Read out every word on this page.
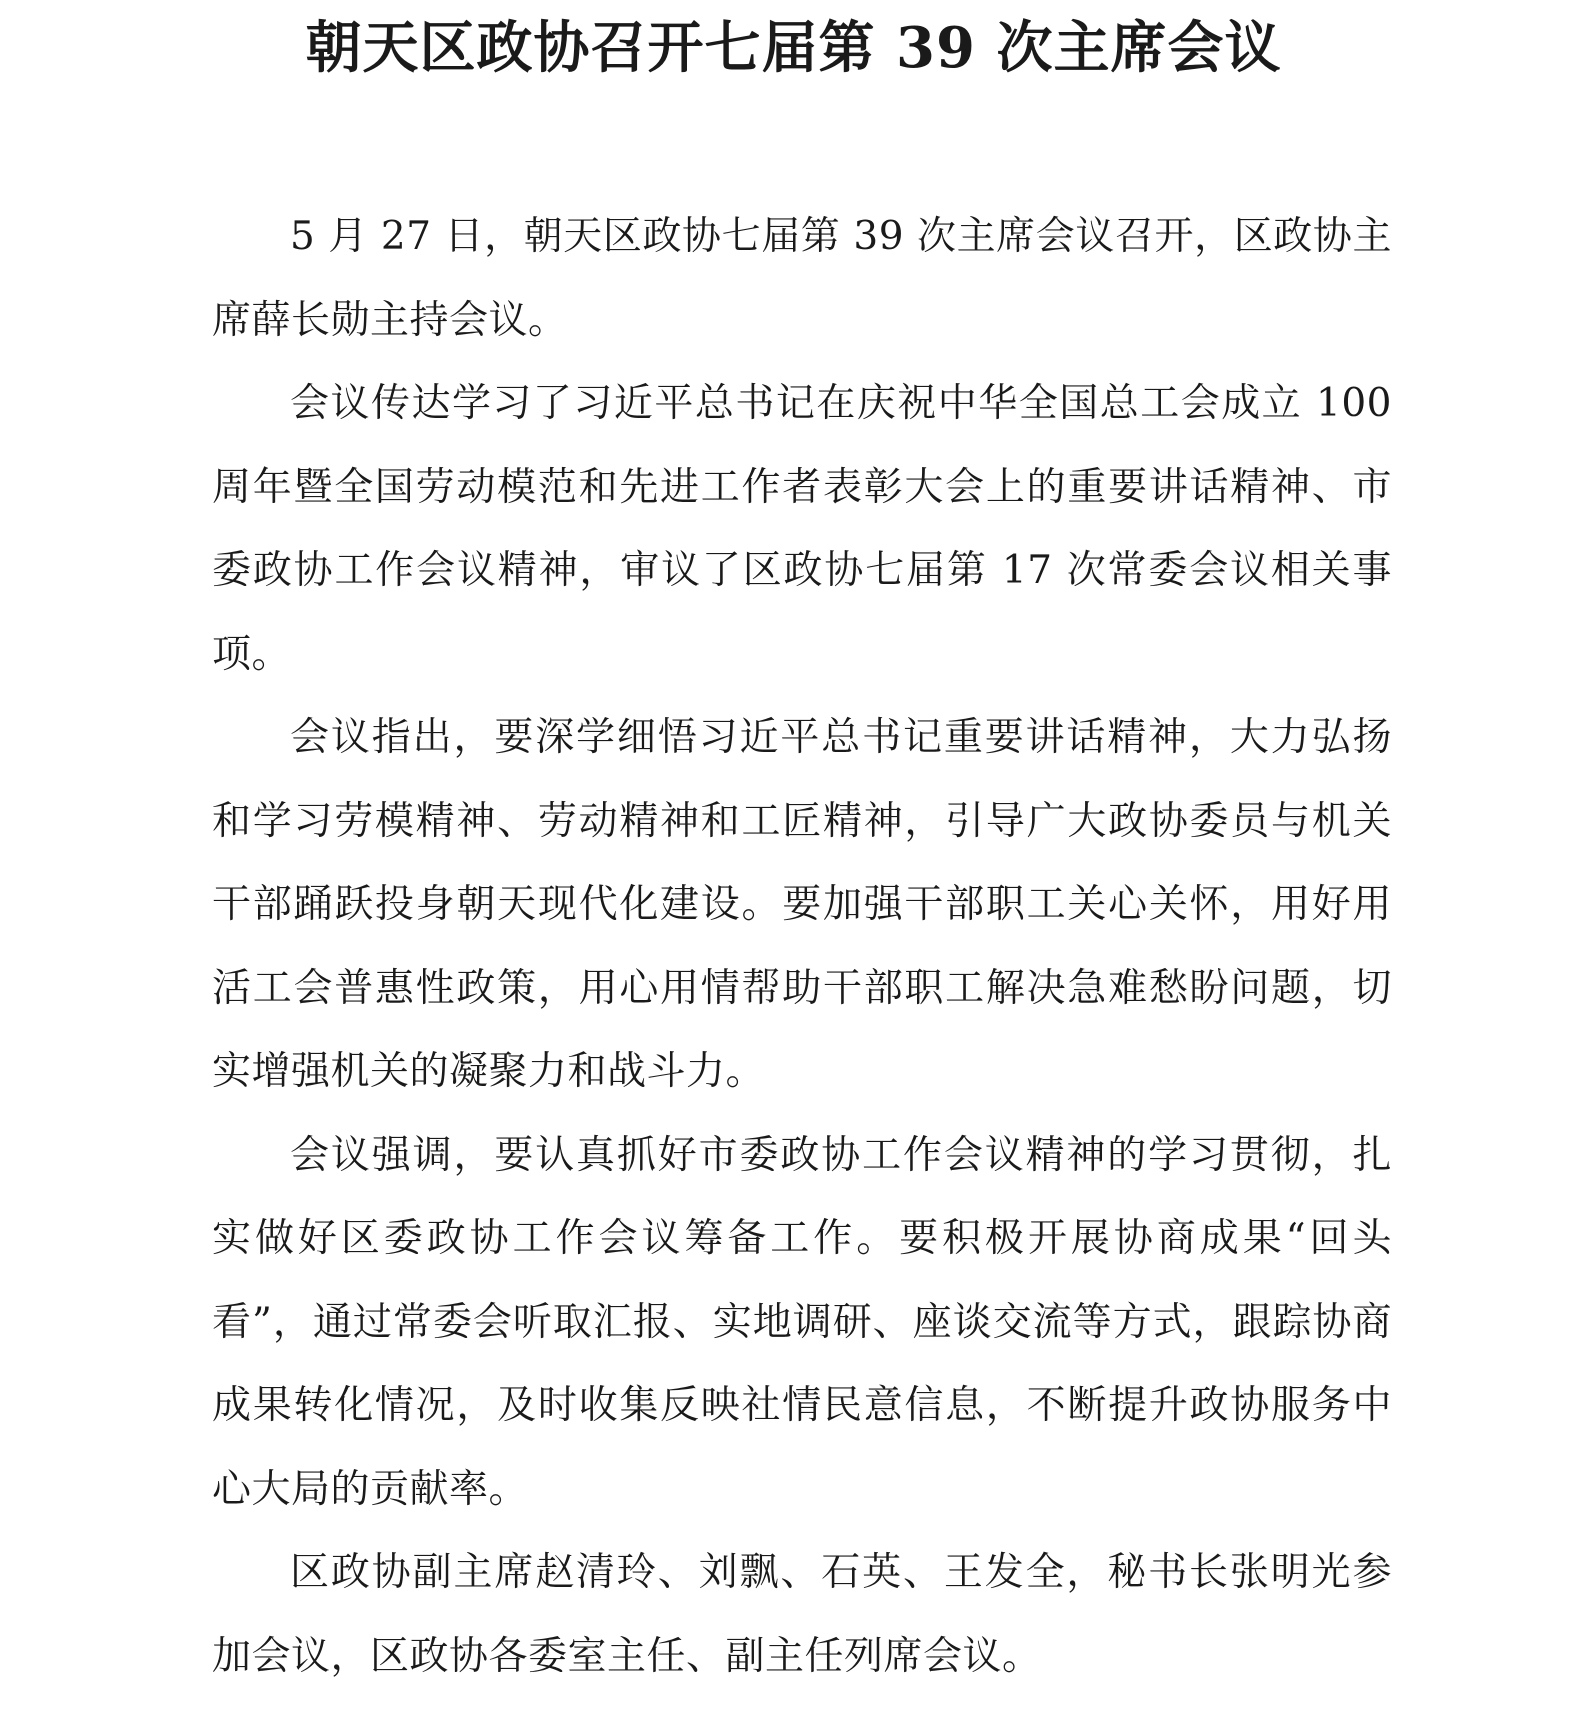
朝天区政协召开七届第 39 次主席会议

5 月 27 日，朝天区政协七届第 39 次主席会议召开，区政协主席薛长勋主持会议。

会议传达学习了习近平总书记在庆祝中华全国总工会成立 100 周年暨全国劳动模范和先进工作者表彰大会上的重要讲话精神、市委政协工作会议精神，审议了区政协七届第 17 次常委会议相关事项。

会议指出，要深学细悟习近平总书记重要讲话精神，大力弘扬和学习劳模精神、劳动精神和工匠精神，引导广大政协委员与机关干部踊跃投身朝天现代化建设。要加强干部职工关心关怀，用好用活工会普惠性政策，用心用情帮助干部职工解决急难愁盼问题，切实增强机关的凝聚力和战斗力。

会议强调，要认真抓好市委政协工作会议精神的学习贯彻，扎实做好区委政协工作会议筹备工作。要积极开展协商成果“回头看”，通过常委会听取汇报、实地调研、座谈交流等方式，跟踪协商成果转化情况，及时收集反映社情民意信息，不断提升政协服务中心大局的贡献率。

区政协副主席赵清玲、刘飘、石英、王发全，秘书长张明光参加会议，区政协各委室主任、副主任列席会议。
